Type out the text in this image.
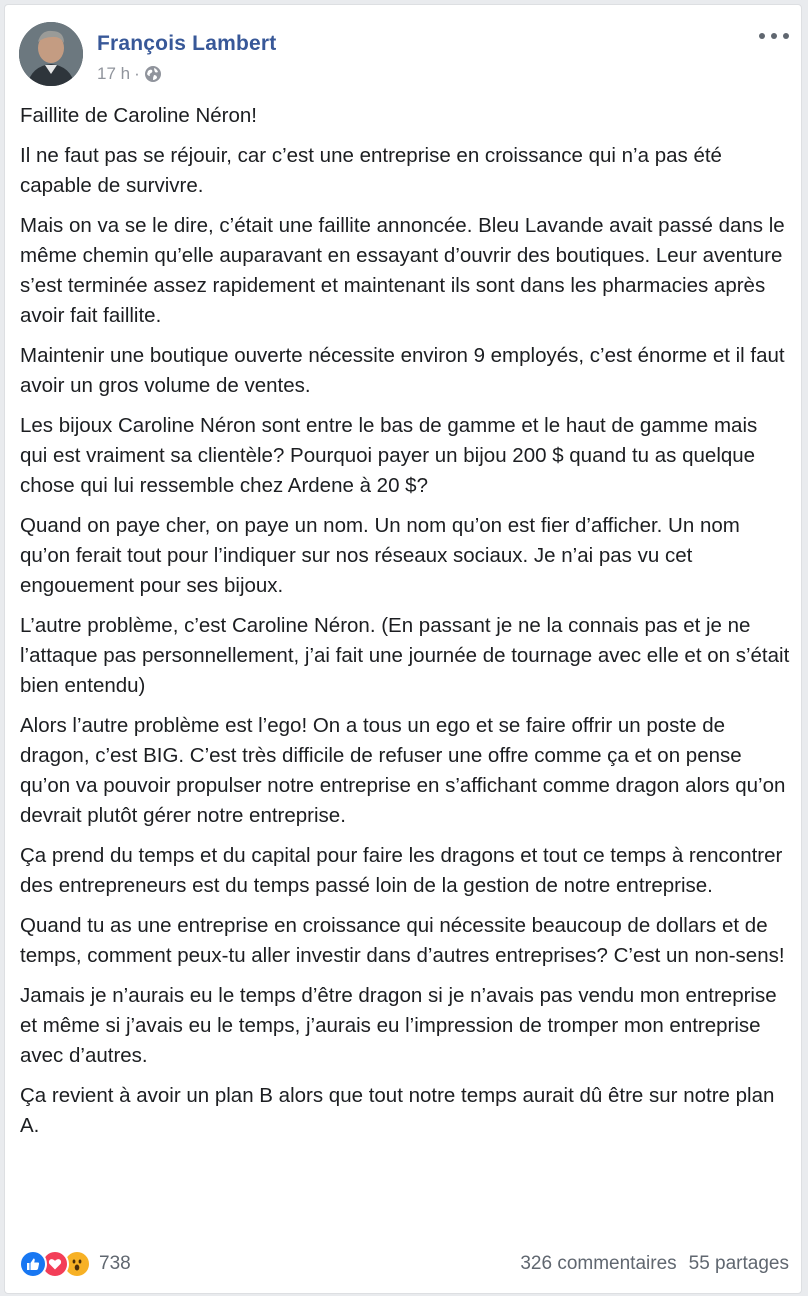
François Lambert
17 h ·

Faillite de Caroline Néron!

Il ne faut pas se réjouir, car c’est une entreprise en croissance qui n’a pas été capable de survivre.

Mais on va se le dire, c’était une faillite annoncée. Bleu Lavande avait passé dans le même chemin qu’elle auparavant en essayant d’ouvrir des boutiques. Leur aventure s’est terminée assez rapidement et maintenant ils sont dans les pharmacies après avoir fait faillite.

Maintenir une boutique ouverte nécessite environ 9 employés, c’est énorme et il faut avoir un gros volume de ventes.

Les bijoux Caroline Néron sont entre le bas de gamme et le haut de gamme mais qui est vraiment sa clientèle? Pourquoi payer un bijou 200 $ quand tu as quelque chose qui lui ressemble chez Ardene à 20 $?

Quand on paye cher, on paye un nom. Un nom qu’on est fier d’afficher. Un nom qu’on ferait tout pour l’indiquer sur nos réseaux sociaux. Je n’ai pas vu cet engouement pour ses bijoux.

L’autre problème, c’est Caroline Néron. (En passant je ne la connais pas et je ne l’attaque pas personnellement, j’ai fait une journée de tournage avec elle et on s’était bien entendu)

Alors l’autre problème est l’ego! On a tous un ego et se faire offrir un poste de dragon, c’est BIG. C’est très difficile de refuser une offre comme ça et on pense qu’on va pouvoir propulser notre entreprise en s’affichant comme dragon alors qu’on devrait plutôt gérer notre entreprise.

Ça prend du temps et du capital pour faire les dragons et tout ce temps à rencontrer des entrepreneurs est du temps passé loin de la gestion de notre entreprise.

Quand tu as une entreprise en croissance qui nécessite beaucoup de dollars et de temps, comment peux-tu aller investir dans d’autres entreprises? C’est un non-sens!

Jamais je n’aurais eu le temps d’être dragon si je n’avais pas vendu mon entreprise et même si j’avais eu le temps, j’aurais eu l’impression de tromper mon entreprise avec d’autres.

Ça revient à avoir un plan B alors que tout notre temps aurait dû être sur notre plan A.

738	326 commentaires 55 partages
